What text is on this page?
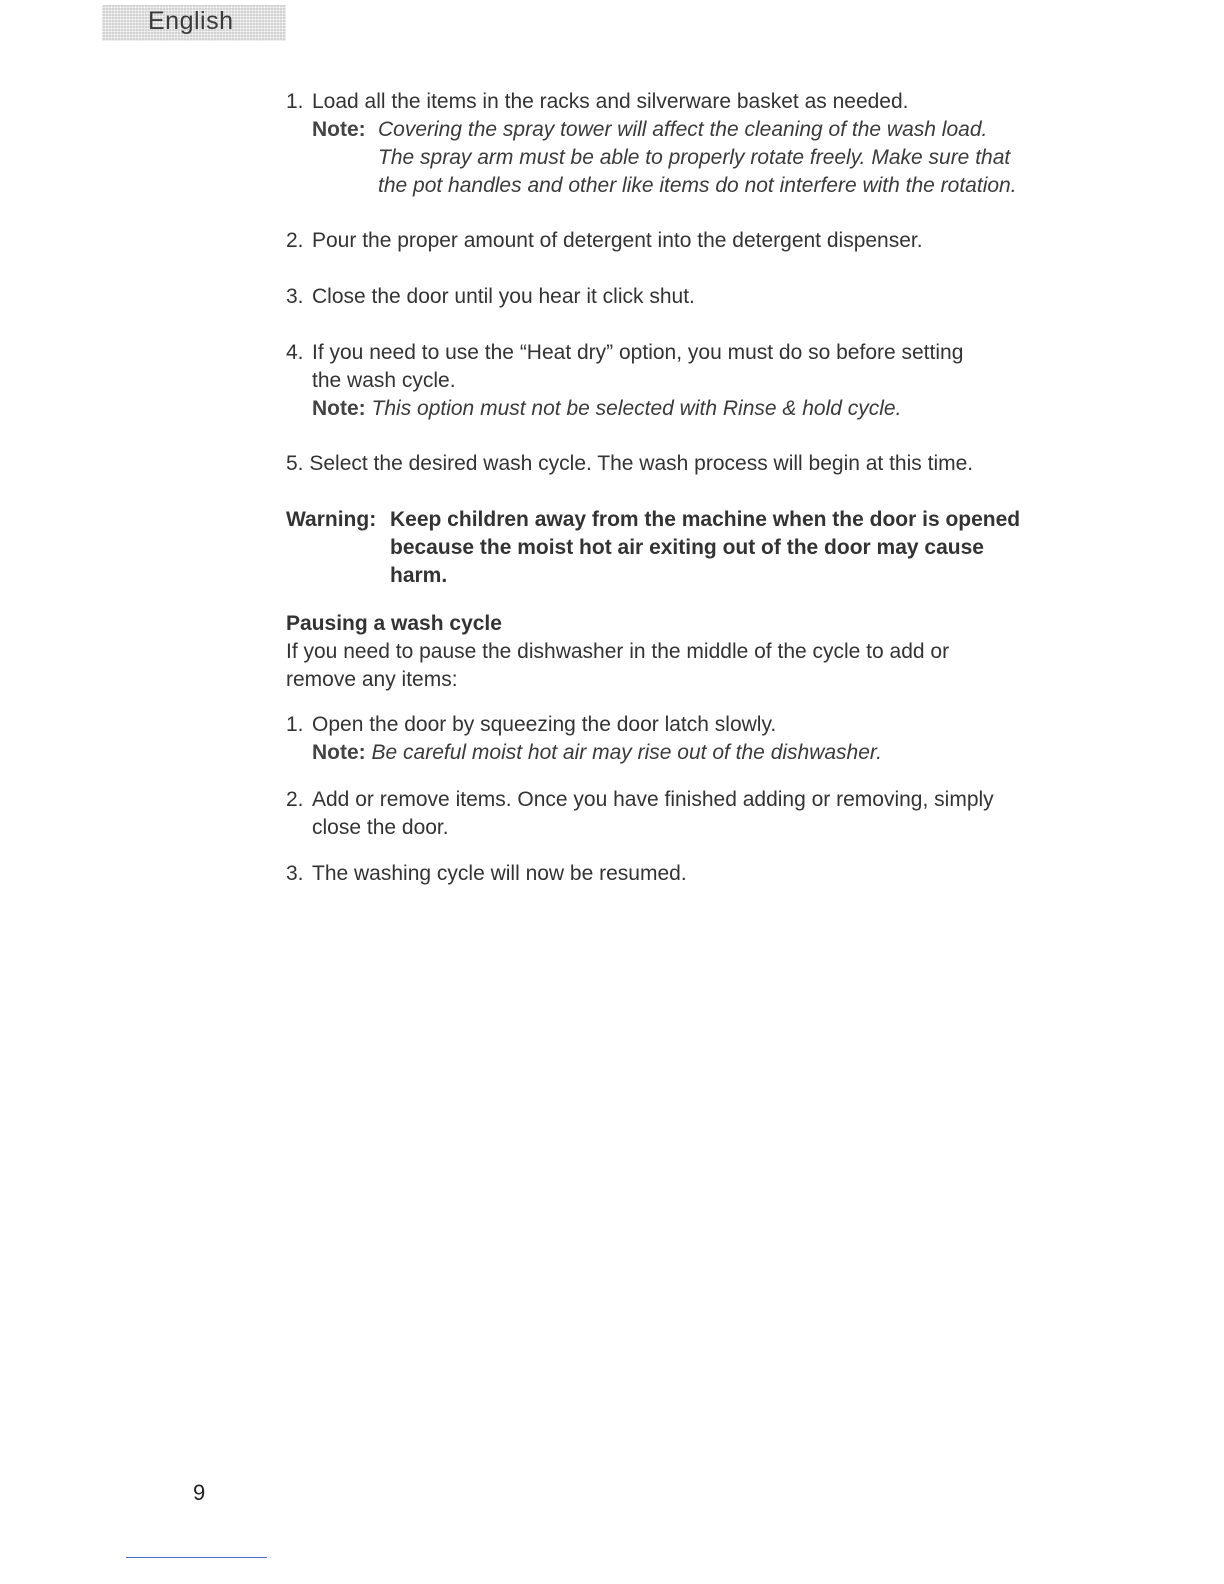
English
1. Load all the items in the racks and silverware basket as needed.
Note: Covering the spray tower will affect the cleaning of the wash load. The spray arm must be able to properly rotate freely. Make sure that the pot handles and other like items do not interfere with the rotation.
2. Pour the proper amount of detergent into the detergent dispenser.
3. Close the door until you hear it click shut.
4. If you need to use the “Heat dry” option, you must do so before setting the wash cycle.
Note: This option must not be selected with Rinse & hold cycle.
5. Select the desired wash cycle. The wash process will begin at this time.
Warning: Keep children away from the machine when the door is opened because the moist hot air exiting out of the door may cause harm.
Pausing a wash cycle
If you need to pause the dishwasher in the middle of the cycle to add or remove any items:
1. Open the door by squeezing the door latch slowly.
Note: Be careful moist hot air may rise out of the dishwasher.
2. Add or remove items. Once you have finished adding or removing, simply close the door.
3. The washing cycle will now be resumed.
9
